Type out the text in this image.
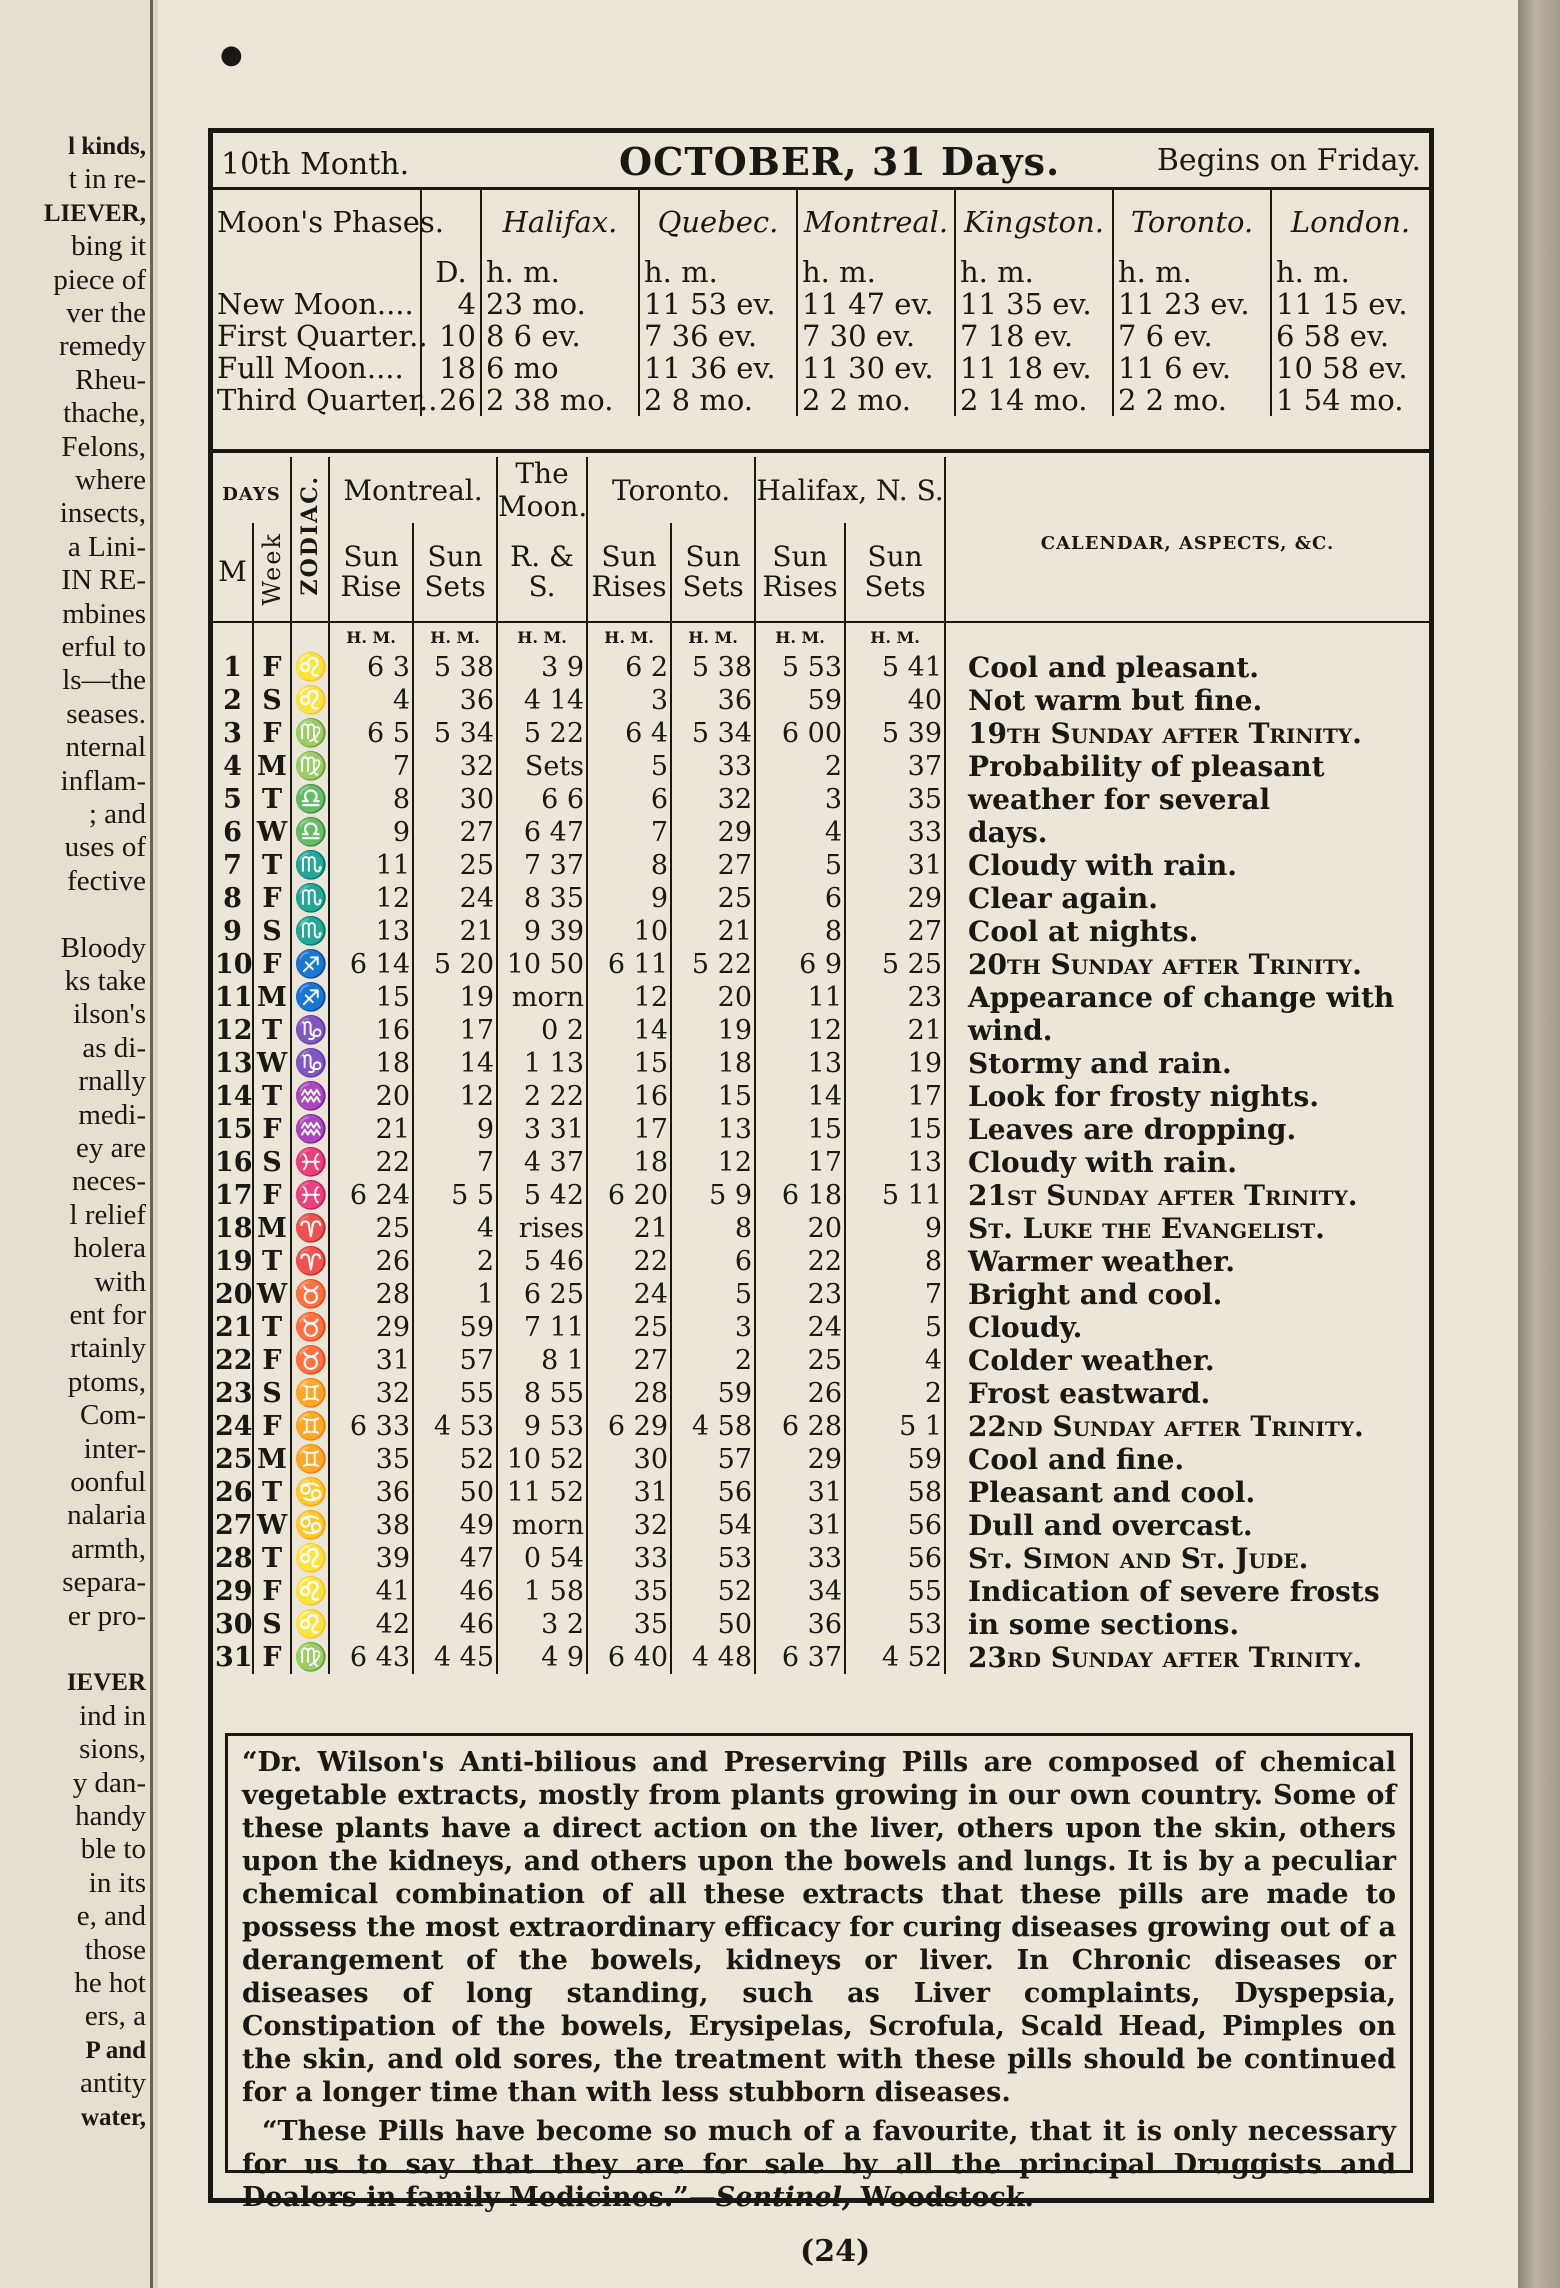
l kinds,
t in re-
LIEVER,
bing it
piece of
ver the
remedy
Rheu-
thache,
Felons,
where
insects,
a Lini-
IN RE-
mbines
erful to
ls—the
seases.
nternal
inflam-
; and
uses of
fective
Bloody
ks take
ilson's
as di-
rnally
medi-
ey are
neces-
l relief
holera
with
ent for
rtainly
ptoms,
Com-
inter-
oonful
nalaria
armth,
separa-
er pro-
IEVER
ind in
sions,
y dan-
handy
ble to
in its
e, and
those
he hot
ers, a
P and
antity
water,
●
10th Month.	OCTOBER, 31 Days.	Begins on Friday.
Moon's Phases.		Halifax.	Quebec.	Montreal.	Kingston.	Toronto.	London.
	D.	h. m.	h. m.	h. m.	h. m.	h. m.	h. m.
New Moon....	4	23 mo.	11 53 ev.	11 47 ev.	11 35 ev.	11 23 ev.	11 15 ev.
First Quarter..	10	8 6 ev.	7 36 ev.	7 30 ev.	7 18 ev.	7 6 ev.	6 58 ev.
Full Moon....	18	6 mo	11 36 ev.	11 30 ev.	11 18 ev.	11 6 ev.	10 58 ev.
Third Quarter..	26	2 38 mo.	2 8 mo.	2 2 mo.	2 14 mo.	2 2 mo.	1 54 mo.
DAYS		ZODIAC.	Montreal.		The Moon.	Toronto.		Halifax, N. S.		CALENDAR, ASPECTS, &C.
M	Week		Sun Rise	Sun Sets	R. & S.	Sun Rises	Sun Sets	Sun Rises	Sun Sets	
			H. M.	H. M.	H. M.	H. M.	H. M.	H. M.	H. M.	
1	F	♌	6 3	5 38	3 9	6 2	5 38	5 53	5 41	Cool and pleasant.
2	S	♌	4	36	4 14	3	36	59	40	Not warm but fine.
3	F	♍	6 5	5 34	5 22	6 4	5 34	6 00	5 39	19th Sunday after Trinity.
4	M	♍	7	32	Sets	5	33	2	37	Probability of pleasant
5	T	♎	8	30	6 6	6	32	3	35	weather for several
6	W	♎	9	27	6 47	7	29	4	33	days.
7	T	♏	11	25	7 37	8	27	5	31	Cloudy with rain.
8	F	♏	12	24	8 35	9	25	6	29	Clear again.
9	S	♏	13	21	9 39	10	21	8	27	Cool at nights.
10	F	♐	6 14	5 20	10 50	6 11	5 22	6 9	5 25	20th Sunday after Trinity.
11	M	♐	15	19	morn	12	20	11	23	Appearance of change with
12	T	♑	16	17	0 2	14	19	12	21	wind.
13	W	♑	18	14	1 13	15	18	13	19	Stormy and rain.
14	T	♒	20	12	2 22	16	15	14	17	Look for frosty nights.
15	F	♒	21	9	3 31	17	13	15	15	Leaves are dropping.
16	S	♓	22	7	4 37	18	12	17	13	Cloudy with rain.
17	F	♓	6 24	5 5	5 42	6 20	5 9	6 18	5 11	21st Sunday after Trinity.
18	M	♈	25	4	rises	21	8	20	9	St. Luke the Evangelist.
19	T	♈	26	2	5 46	22	6	22	8	Warmer weather.
20	W	♉	28	1	6 25	24	5	23	7	Bright and cool.
21	T	♉	29	59	7 11	25	3	24	5	Cloudy.
22	F	♉	31	57	8 1	27	2	25	4	Colder weather.
23	S	♊	32	55	8 55	28	59	26	2	Frost eastward.
24	F	♊	6 33	4 53	9 53	6 29	4 58	6 28	5 1	22nd Sunday after Trinity.
25	M	♊	35	52	10 52	30	57	29	59	Cool and fine.
26	T	♋	36	50	11 52	31	56	31	58	Pleasant and cool.
27	W	♋	38	49	morn	32	54	31	56	Dull and overcast.
28	T	♌	39	47	0 54	33	53	33	56	St. Simon and St. Jude.
29	F	♌	41	46	1 58	35	52	34	55	Indication of severe frosts
30	S	♌	42	46	3 2	35	50	36	53	in some sections.
31	F	♍	6 43	4 45	4 9	6 40	4 48	6 37	4 52	23rd Sunday after Trinity.

“Dr. Wilson's Anti-bilious and Preserving Pills are composed of chemical vegetable extracts, mostly from plants growing in our own country. Some of these plants have a direct action on the liver, others upon the skin, others upon the kidneys, and others upon the bowels and lungs. It is by a peculiar chemical combination of all these extracts that these pills are made to possess the most extraordinary efficacy for curing diseases growing out of a derangement of the bowels, kidneys or liver. In Chronic diseases or diseases of long standing, such as Liver complaints, Dyspepsia, Constipation of the bowels, Erysipelas, Scrofula, Scald Head, Pimples on the skin, and old sores, the treatment with these pills should be continued for a longer time than with less stubborn diseases.

“These Pills have become so much of a favourite, that it is only necessary for us to say that they are for sale by all the principal Druggists and Dealers in family Medicines.”—Sentinel, Woodstock.

(24)
